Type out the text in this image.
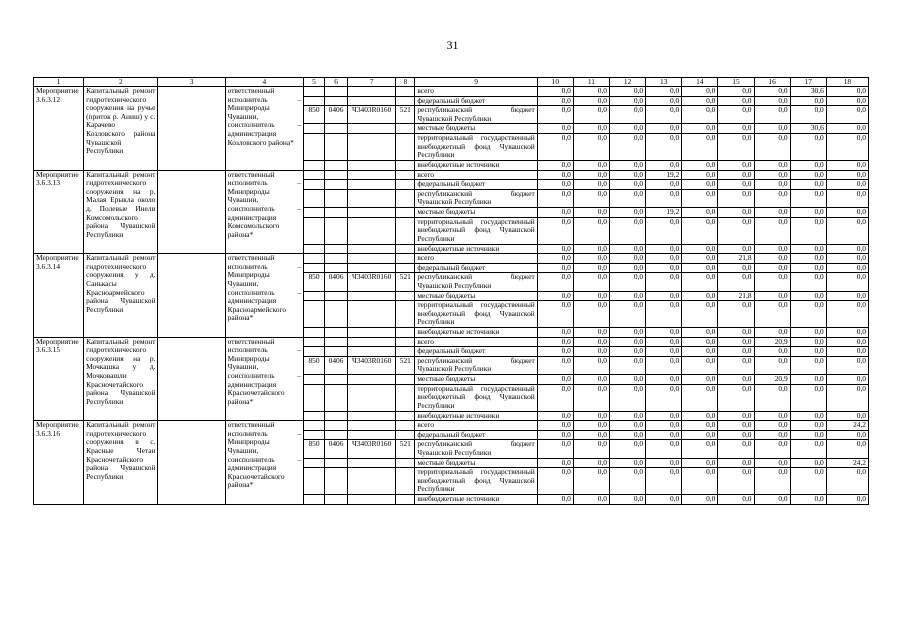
31
1	2	3	4	5	6	7	8	9	10	11	12	13	14	15	16	17	18
Мероприятие 3.6.3.12	Капитальный ремонт гидротехнического сооружения на ручье (приток р. Аниш) у с. Карачево Козловского района Чувашской Республики		ответственный исполнитель – Минприроды Чувашии, соисполнитель – администрация Козловского района*					всего	0,0	0,0	0,0	0,0	0,0	0,0	0,0	30,6	0,0
								федеральный бюджет	0,0	0,0	0,0	0,0	0,0	0,0	0,0	0,0	0,0
				850	0406	Ч3403R0160	521	республиканский бюджет Чувашской Республики	0,0	0,0	0,0	0,0	0,0	0,0	0,0	0,0	0,0
								местные бюджеты	0,0	0,0	0,0	0,0	0,0	0,0	0,0	30,6	0,0
								территориальный государственный внебюджетный фонд Чувашской Республики	0,0	0,0	0,0	0,0	0,0	0,0	0,0	0,0	0,0
								внебюджетные источники	0,0	0,0	0,0	0,0	0,0	0,0	0,0	0,0	0,0
Мероприятие 3.6.3.13	Капитальный ремонт гидротехнического сооружения на р. Малая Ерыкла около д. Полевые Инели Комсомольского района Чувашской Республики		ответственный исполнитель – Минприроды Чувашии, соисполнитель – администрация Комсомольского района*					всего	0,0	0,0	0,0	19,2	0,0	0,0	0,0	0,0	0,0
								федеральный бюджет	0,0	0,0	0,0	0,0	0,0	0,0	0,0	0,0	0,0
								республиканский бюджет Чувашской Республики	0,0	0,0	0,0	0,0	0,0	0,0	0,0	0,0	0,0
								местные бюджеты	0,0	0,0	0,0	19,2	0,0	0,0	0,0	0,0	0,0
								территориальный государственный внебюджетный фонд Чувашской Республики	0,0	0,0	0,0	0,0	0,0	0,0	0,0	0,0	0,0
								внебюджетные источники	0,0	0,0	0,0	0,0	0,0	0,0	0,0	0,0	0,0
Мероприятие 3.6.3.14	Капитальный ремонт гидротехнического сооружения у д. Санькасы Красноармейского района Чувашской Республики		ответственный исполнитель – Минприроды Чувашии, соисполнитель – администрация Красноармейского района*					всего	0,0	0,0	0,0	0,0	0,0	21,8	0,0	0,0	0,0
								федеральный бюджет	0,0	0,0	0,0	0,0	0,0	0,0	0,0	0,0	0,0
				850	0406	Ч3403R0160	521	республиканский бюджет Чувашской Республики	0,0	0,0	0,0	0,0	0,0	0,0	0,0	0,0	0,0
								местные бюджеты	0,0	0,0	0,0	0,0	0,0	21,8	0,0	0,0	0,0
								территориальный государственный внебюджетный фонд Чувашской Республики	0,0	0,0	0,0	0,0	0,0	0,0	0,0	0,0	0,0
								внебюджетные источники	0,0	0,0	0,0	0,0	0,0	0,0	0,0	0,0	0,0
Мероприятие 3.6.3.15	Капитальный ремонт гидротехнического сооружения на р. Мочкашка у д. Мочковашли Красночетайского района Чувашской Республики		ответственный исполнитель – Минприроды Чувашии, соисполнитель – администрация Красночетайского района*					всего	0,0	0,0	0,0	0,0	0,0	0,0	20,9	0,0	0,0
								федеральный бюджет	0,0	0,0	0,0	0,0	0,0	0,0	0,0	0,0	0,0
				850	0406	Ч3403R0160	521	республиканский бюджет Чувашской Республики	0,0	0,0	0,0	0,0	0,0	0,0	0,0	0,0	0,0
								местные бюджеты	0,0	0,0	0,0	0,0	0,0	0,0	20,9	0,0	0,0
								территориальный государственный внебюджетный фонд Чувашской Республики	0,0	0,0	0,0	0,0	0,0	0,0	0,0	0,0	0,0
								внебюджетные источники	0,0	0,0	0,0	0,0	0,0	0,0	0,0	0,0	0,0
Мероприятие 3.6.3.16	Капитальный ремонт гидротехнического сооружения в с. Красные Четаи Красночетайского района Чувашской Республики		ответственный исполнитель – Минприроды Чувашии, соисполнитель – администрация Красночетайского района*					всего	0,0	0,0	0,0	0,0	0,0	0,0	0,0	0,0	24,2
								федеральный бюджет	0,0	0,0	0,0	0,0	0,0	0,0	0,0	0,0	0,0
				850	0406	Ч3403R0160	521	республиканский бюджет Чувашской Республики	0,0	0,0	0,0	0,0	0,0	0,0	0,0	0,0	0,0
								местные бюджеты	0,0	0,0	0,0	0,0	0,0	0,0	0,0	0,0	24,2
								территориальный государственный внебюджетный фонд Чувашской Республики	0,0	0,0	0,0	0,0	0,0	0,0	0,0	0,0	0,0
								внебюджетные источники	0,0	0,0	0,0	0,0	0,0	0,0	0,0	0,0	0,0
